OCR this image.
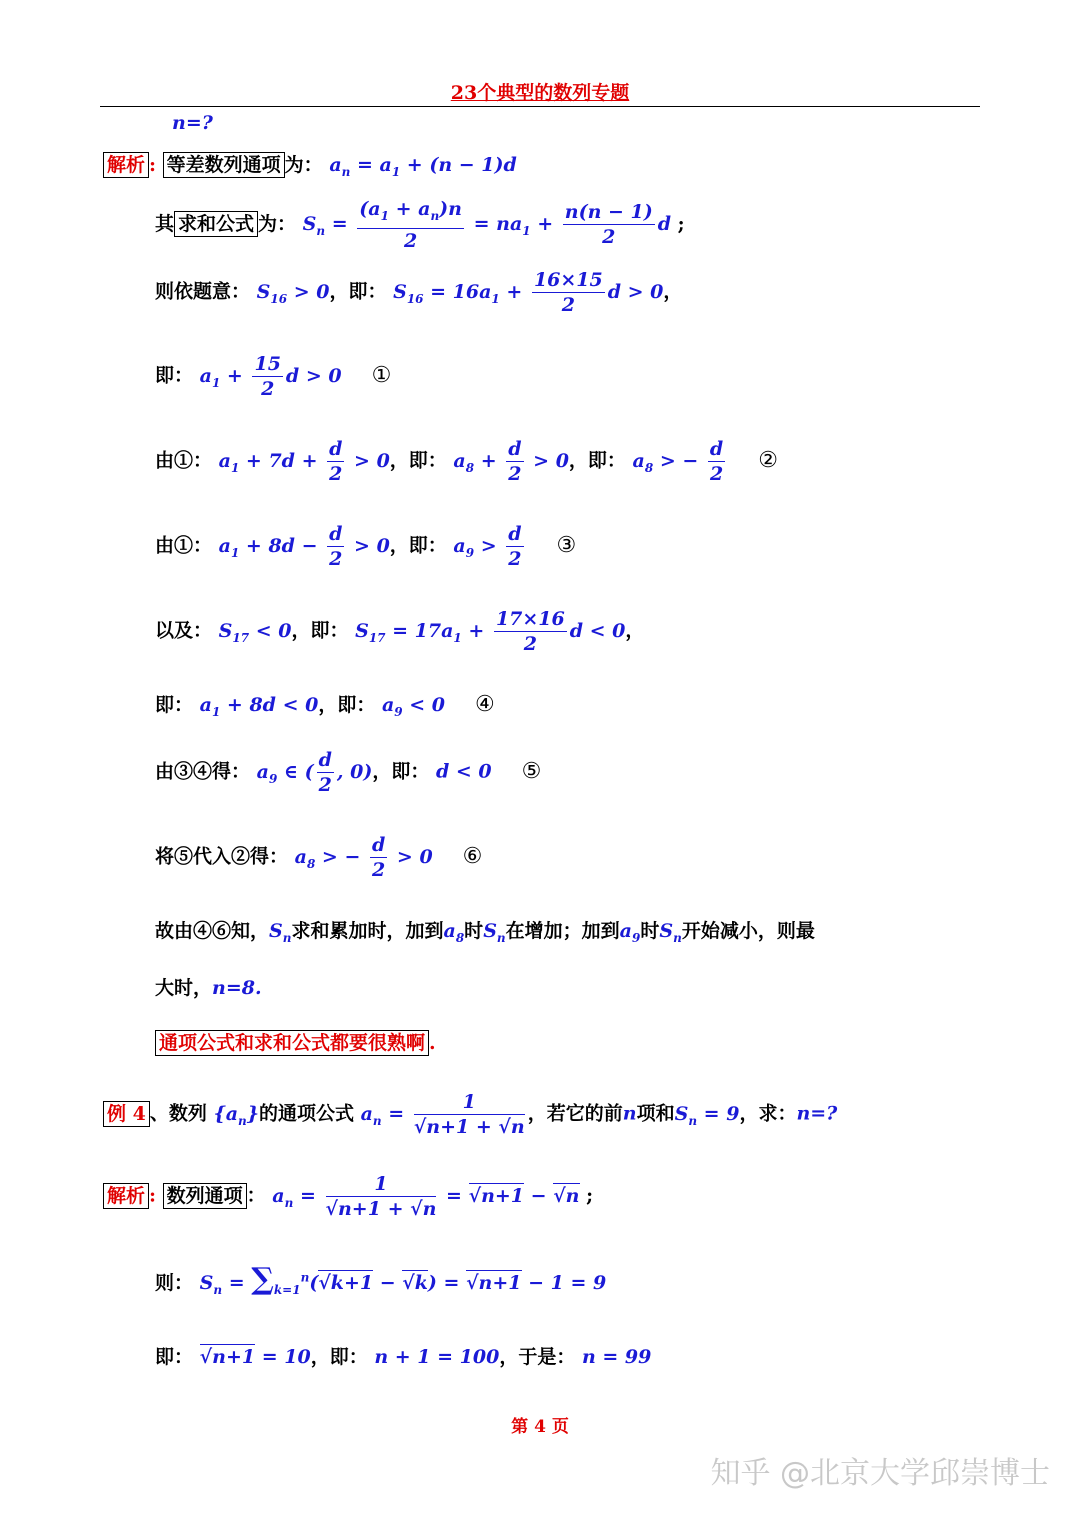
23个典型的数列专题
n=?
解析 : 等差数列通项 为： $a_n = a_1 + (n - 1)d$
其 求和公式 为： $S_n = \frac{(a_1 + a_n)n}{2} = na_1 + \frac{n(n - 1)}{2}$ d ;
则依题意： $S_{16} > 0$，即： $S_{16} = 16a_1 + \frac{16\times 15}{2}$ d > 0，
即： $a_1 + \frac{15}{2}$ d > 0 ①
由①： $a_1 + 7d + \frac{d}{2} > 0$，即： $a_8 + \frac{d}{2} > 0$，即： $a_8$ > − $\frac{d}{2}$ ②
由①： $a_1 + 8d - \frac{d}{2} > 0$，即： $a_9 > \frac{d}{2}$ ③
以及： $S_{17} < 0$，即： $S_{17} = 17a_1 + \frac{17\times 16}{2}$ d < 0，
即： $a_1 + 8d < 0$，即： $a_9 < 0$ ④
由③④得： $a_9$ ∈ ( $\frac{d}{2}$ , 0)，即： d < 0 ⑤
将⑤代入②得： $a_8$ > − $\frac{d}{2} > 0$ ⑥
故由④⑥知，$S_n$求和累加时，加到$a_8$时$S_n$在增加；加到$a_9$时$S_n$开始减小，则最
大时，n=8.
通项公式和求和公式都要很熟啊 .
例 4 、数列 $\{a_n\}$的通项公式 $a_n = \frac{1}{√n+1 + √n}$ ，若它的前n项和$S_n = 9$，求：n=?
解析 : 数列通项 ： $a_n = \frac{1}{√n+1 + √n} = √n+1 - √n$ ;
则： $S_n = \sum_{k=1}^n(√k+1 - √k) = √n+1 - 1 = 9$
即： √n+1 = 10，即： n + 1 = 100，于是： n = 99
第 4 页
知乎 @北京大学邱崇博士
